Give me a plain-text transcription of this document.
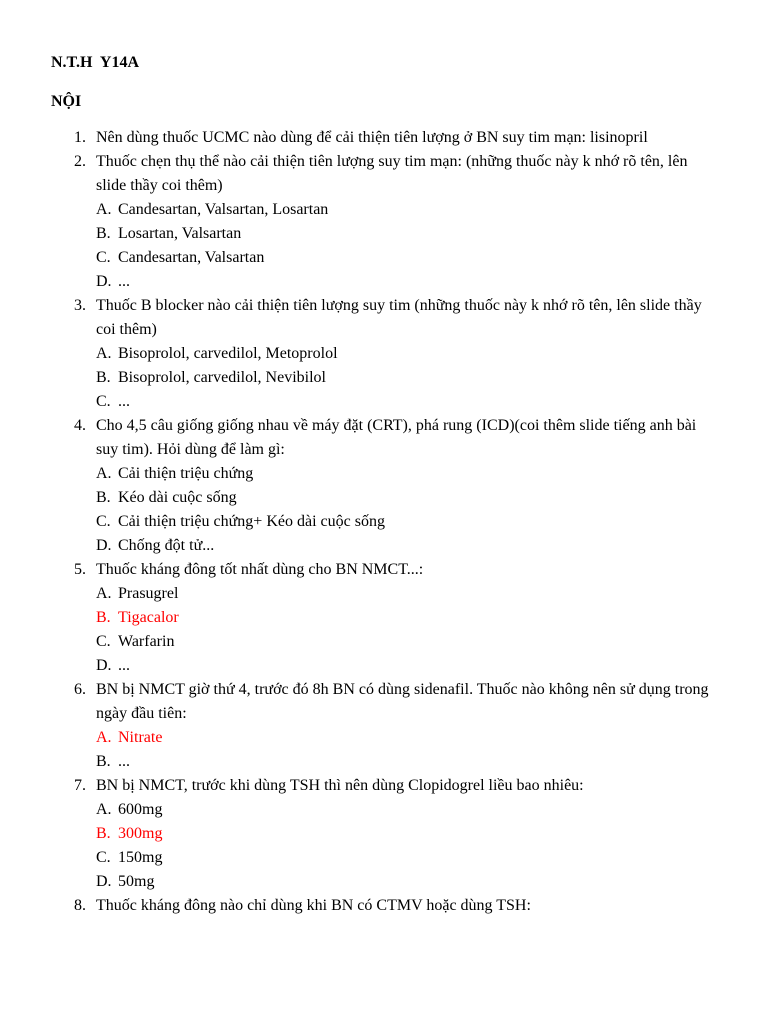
N.T.H  Y14A
NỘI
1. Nên dùng thuốc UCMC nào dùng để cải thiện tiên lượng ở BN suy tim mạn: lisinopril
2. Thuốc chẹn thụ thể nào cải thiện tiên lượng suy tim mạn: (những thuốc này k nhớ rõ tên, lên slide thầy coi thêm)
A. Candesartan, Valsartan, Losartan
B. Losartan, Valsartan
C. Candesartan, Valsartan
D. ...
3. Thuốc B blocker nào cải thiện tiên lượng suy tim (những thuốc này k nhớ rõ tên, lên slide thầy coi thêm)
A. Bisoprolol, carvedilol, Metoprolol
B. Bisoprolol, carvedilol, Nevibilol
C. ...
4. Cho 4,5 câu giống giống nhau về máy đặt (CRT), phá rung (ICD)(coi thêm slide tiếng anh bài suy tim). Hỏi dùng để làm gì:
A. Cải thiện triệu chứng
B. Kéo dài cuộc sống
C. Cải thiện triệu chứng+ Kéo dài cuộc sống
D. Chống đột tử...
5. Thuốc kháng đông tốt nhất dùng cho BN NMCT...:
A. Prasugrel
B. Tigacalor
C. Warfarin
D. ...
6. BN bị NMCT giờ thứ 4, trước đó 8h BN có dùng sidenafil. Thuốc nào không nên sử dụng trong ngày đầu tiên:
A. Nitrate
B. ...
7. BN bị NMCT, trước khi dùng TSH thì nên dùng Clopidogrel liều bao nhiêu:
A. 600mg
B. 300mg
C. 150mg
D. 50mg
8. Thuốc kháng đông nào chỉ dùng khi BN có CTMV hoặc dùng TSH:
